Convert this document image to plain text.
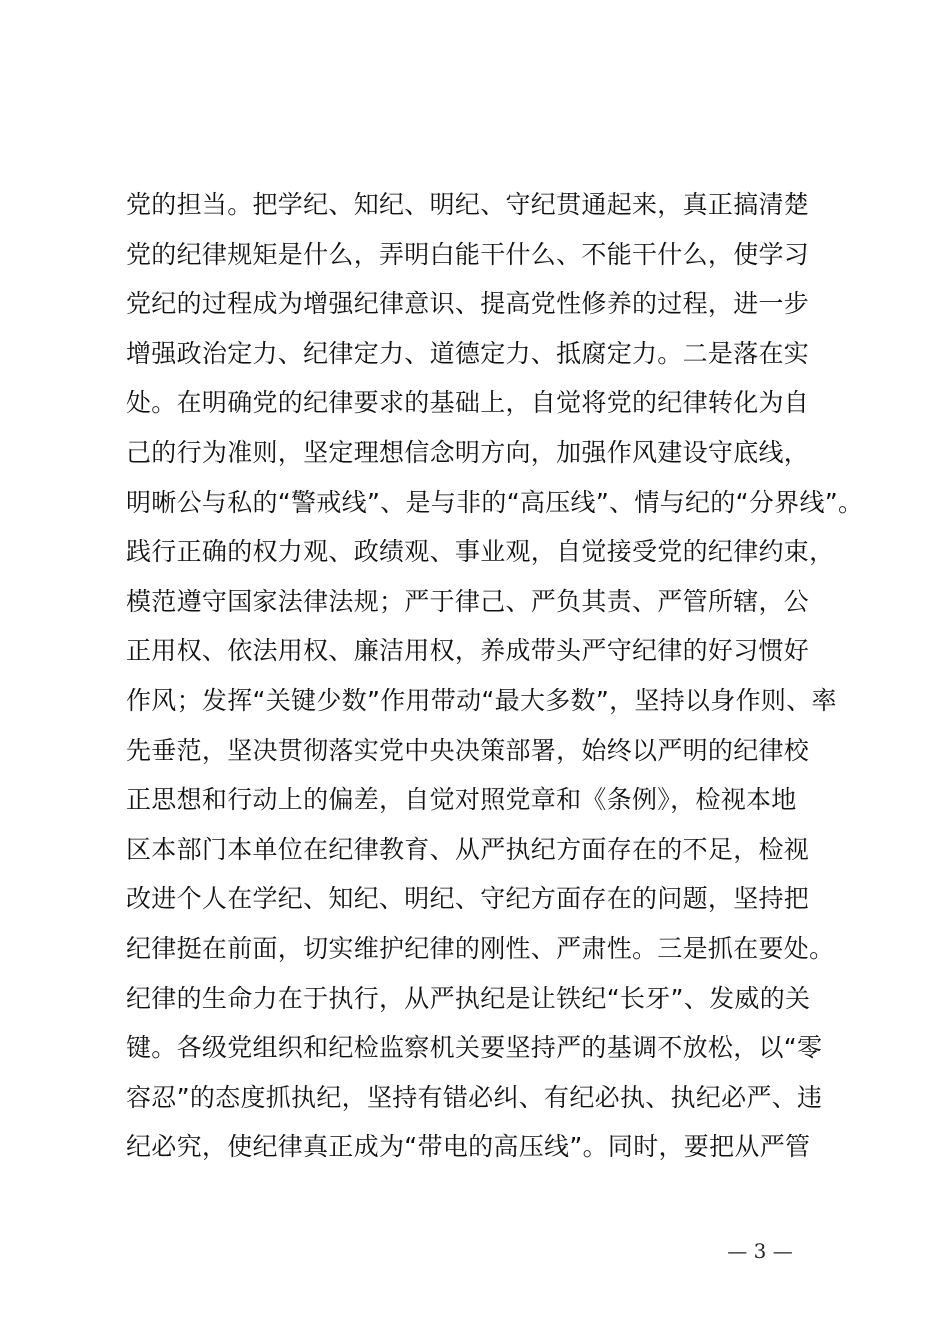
党的担当。把学纪、知纪、明纪、守纪贯通起来，真正搞清楚
党的纪律规矩是什么，弄明白能干什么、不能干什么，使学习
党纪的过程成为增强纪律意识、提高党性修养的过程，进一步
增强政治定力、纪律定力、道德定力、抵腐定力。二是落在实
处。在明确党的纪律要求的基础上，自觉将党的纪律转化为自
己的行为准则，坚定理想信念明方向，加强作风建设守底线，
明晰公与私的“警戒线”、是与非的“高压线”、情与纪的“分界线”。
践行正确的权力观、政绩观、事业观，自觉接受党的纪律约束，
模范遵守国家法律法规；严于律己、严负其责、严管所辖，公
正用权、依法用权、廉洁用权，养成带头严守纪律的好习惯好
作风；发挥“关键少数”作用带动“最大多数”，坚持以身作则、率
先垂范，坚决贯彻落实党中央决策部署，始终以严明的纪律校
正思想和行动上的偏差，自觉对照党章和《条例》，检视本地
区本部门本单位在纪律教育、从严执纪方面存在的不足，检视
改进个人在学纪、知纪、明纪、守纪方面存在的问题，坚持把
纪律挺在前面，切实维护纪律的刚性、严肃性。三是抓在要处。
纪律的生命力在于执行，从严执纪是让铁纪“长牙”、发威的关
键。各级党组织和纪检监察机关要坚持严的基调不放松，以“零
容忍”的态度抓执纪，坚持有错必纠、有纪必执、执纪必严、违
纪必究，使纪律真正成为“带电的高压线”。同时，要把从严管
— 3 —
